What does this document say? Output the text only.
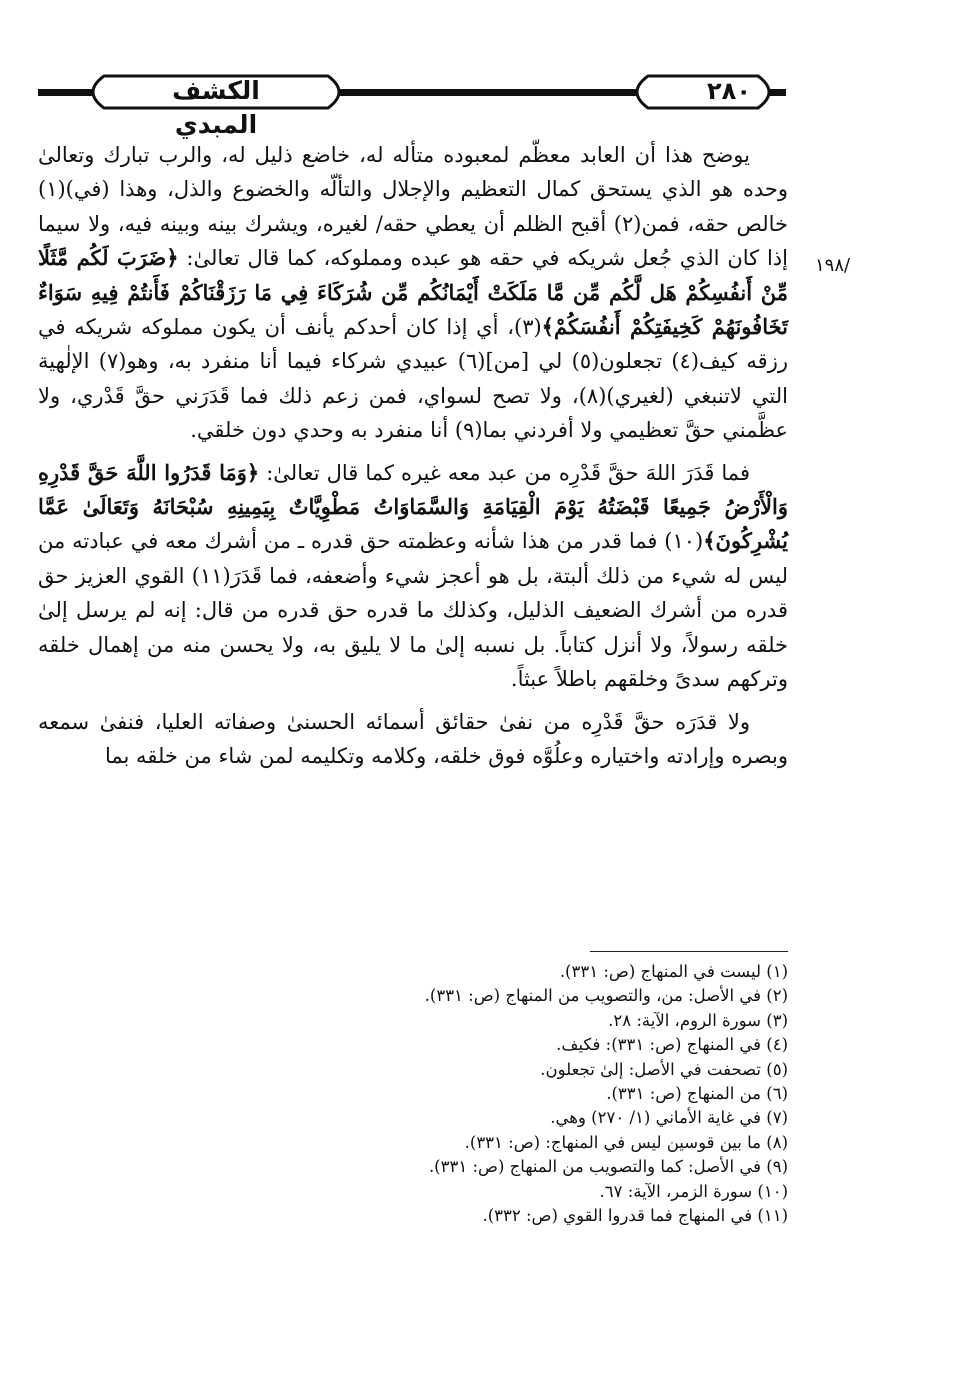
الكشف المبدي
٢٨٠
١٩٨/

يوضح هذا أن العابد معظّم لمعبوده متأله له، خاضع ذليل له، والرب تبارك وتعالىٰ وحده هو الذي يستحق كمال التعظيم والإجلال والتألّه والخضوع والذل، وهذا (في)(١) خالص حقه، فمن(٢) أقبح الظلم أن يعطي حقه/ لغيره، ويشرك بينه وبينه فيه، ولا سيما إذا كان الذي جُعل شريكه في حقه هو عبده ومملوكه، كما قال تعالىٰ: ﴿ضَرَبَ لَكُم مَّثَلًا مِّنْ أَنفُسِكُمْ هَل لَّكُم مِّن مَّا مَلَكَتْ أَيْمَانُكُم مِّن شُرَكَاءَ فِي مَا رَزَقْنَاكُمْ فَأَنتُمْ فِيهِ سَوَاءٌ تَخَافُونَهُمْ كَخِيفَتِكُمْ أَنفُسَكُمْ﴾(٣)، أي إذا كان أحدكم يأنف أن يكون مملوكه شريكه في رزقه كيف(٤) تجعلون(٥) لي [من](٦) عبيدي شركاء فيما أنا منفرد به، وهو(٧) الإلٰهية التي لاتنبغي (لغيري)(٨)، ولا تصح لسواي، فمن زعم ذلك فما قَدَرَني حقَّ قَدْري، ولا عظَّمني حقَّ تعظيمي ولا أفردني بما(٩) أنا منفرد به وحدي دون خلقي.

فما قَدَرَ اللهَ حقَّ قَدْرِه من عبد معه غيره كما قال تعالىٰ: ﴿وَمَا قَدَرُوا اللَّهَ حَقَّ قَدْرِهِ وَالْأَرْضُ جَمِيعًا قَبْضَتُهُ يَوْمَ الْقِيَامَةِ وَالسَّمَاوَاتُ مَطْوِيَّاتٌ بِيَمِينِهِ سُبْحَانَهُ وَتَعَالَىٰ عَمَّا يُشْرِكُونَ﴾(١٠) فما قدر من هذا شأنه وعظمته حق قدره ـ من أشرك معه في عبادته من ليس له شيء من ذلك ألبتة، بل هو أعجز شيء وأضعفه، فما قَدَرَ(١١) القوي العزيز حق قدره من أشرك الضعيف الذليل، وكذلك ما قدره حق قدره من قال: إنه لم يرسل إلىٰ خلقه رسولاً، ولا أنزل كتاباً. بل نسبه إلىٰ ما لا يليق به، ولا يحسن منه من إهمال خلقه وتركهم سدىً وخلقهم باطلاً عبثاً.

ولا قدَرَه حقَّ قَدْرِه من نفىٰ حقائق أسمائه الحسنىٰ وصفاته العليا، فنفىٰ سمعه وبصره وإرادته واختياره وعلُوَّه فوق خلقه، وكلامه وتكليمه لمن شاء من خلقه بما

(١) ليست في المنهاج (ص: ٣٣١).
(٢) في الأصل: من، والتصويب من المنهاج (ص: ٣٣١).
(٣) سورة الروم، الآية: ٢٨.
(٤) في المنهاج (ص: ٣٣١): فكيف.
(٥) تصحفت في الأصل: إلىٰ تجعلون.
(٦) من المنهاج (ص: ٣٣١).
(٧) في غاية الأماني (١/ ٢٧٠) وهي.
(٨) ما بين قوسين ليس في المنهاج: (ص: ٣٣١).
(٩) في الأصل: كما والتصويب من المنهاج (ص: ٣٣١).
(١٠) سورة الزمر، الآية: ٦٧.
(١١) في المنهاج فما قدروا القوي (ص: ٣٣٢).
